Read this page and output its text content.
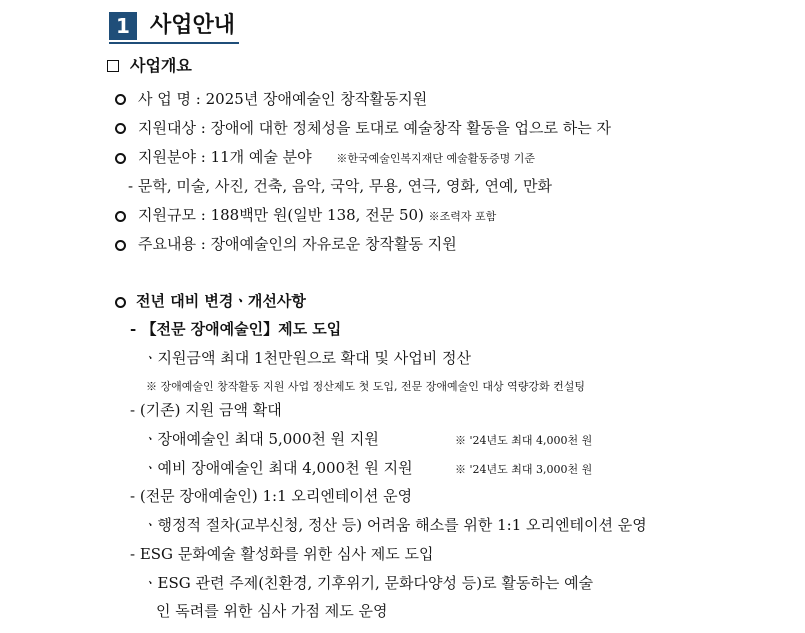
1 사업안내
사업개요
사 업 명 : 2025년 장애예술인 창작활동지원
지원대상 : 장애에 대한 정체성을 토대로 예술창작 활동을 업으로 하는 자
지원분야 : 11개 예술 분야 ※한국예술인복지재단 예술활동증명 기준
- 문학, 미술, 사진, 건축, 음악, 국악, 무용, 연극, 영화, 연예, 만화
지원규모 : 188백만 원(일반 138, 전문 50) ※조력자 포함
주요내용 : 장애예술인의 자유로운 창작활동 지원
전년 대비 변경ㆍ개선사항
- 【전문 장애예술인】제도 도입
ㆍ지원금액 최대 1천만원으로 확대 및 사업비 정산
※ 장애예술인 창작활동 지원 사업 정산제도 첫 도입, 전문 장애예술인 대상 역량강화 컨설팅
- (기존) 지원 금액 확대
ㆍ장애예술인 최대 5,000천 원 지원	※ '24년도 최대 4,000천 원
ㆍ예비 장애예술인 최대 4,000천 원 지원	※ '24년도 최대 3,000천 원
- (전문 장애예술인) 1:1 오리엔테이션 운영
ㆍ행정적 절차(교부신청, 정산 등) 어려움 해소를 위한 1:1 오리엔테이션 운영
- ESG 문화예술 활성화를 위한 심사 제도 도입
ㆍESG 관련 주제(친환경, 기후위기, 문화다양성 등)로 활동하는 예술
인 독려를 위한 심사 가점 제도 운영
